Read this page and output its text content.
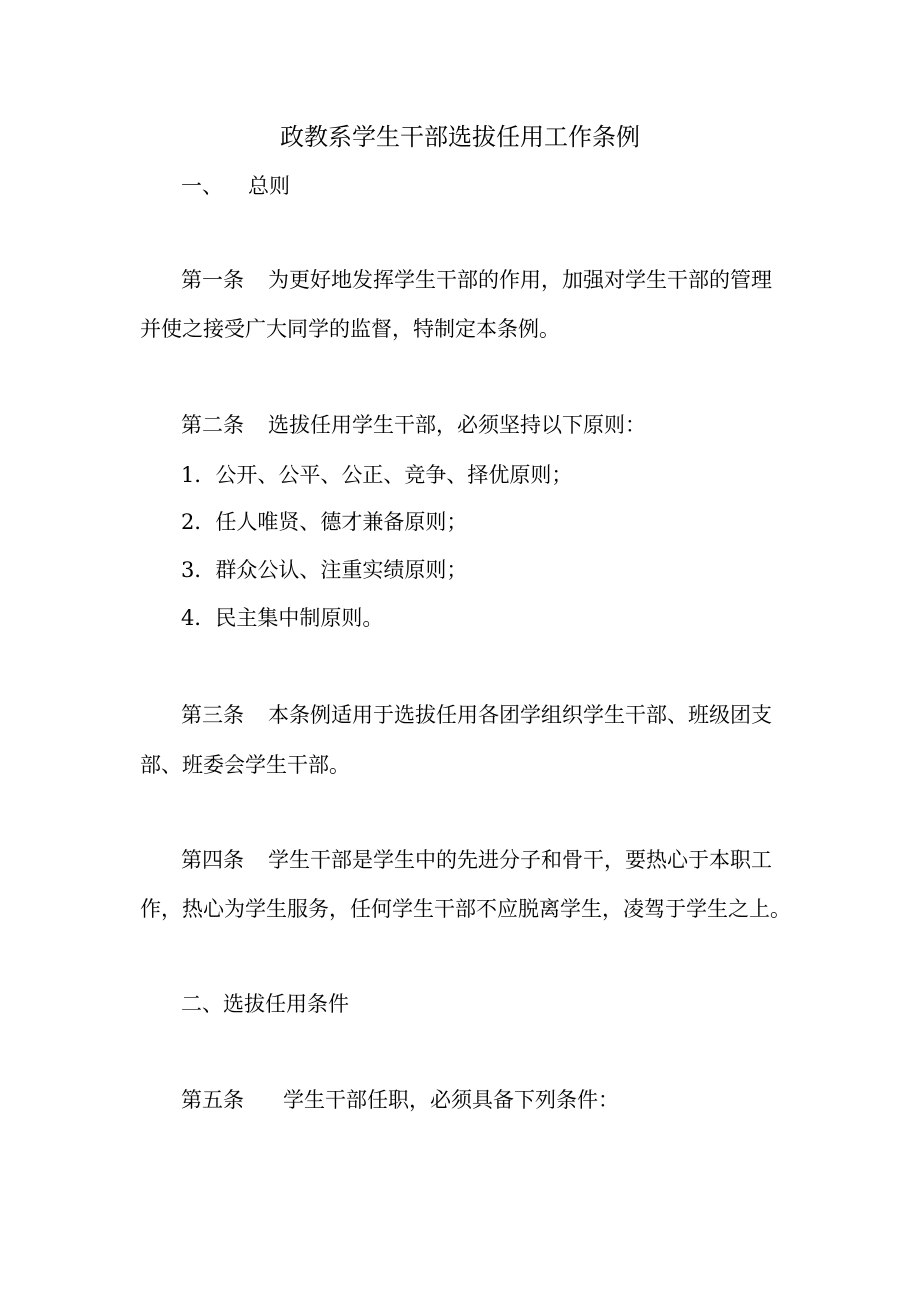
政教系学生干部选拔任用工作条例
一、 总则
第一条 为更好地发挥学生干部的作用，加强对学生干部的管理
并使之接受广大同学的监督，特制定本条例。
第二条 选拔任用学生干部，必须坚持以下原则：
1．公开、公平、公正、竞争、择优原则；
2．任人唯贤、德才兼备原则；
3．群众公认、注重实绩原则；
4．民主集中制原则。
第三条 本条例适用于选拔任用各团学组织学生干部、班级团支
部、班委会学生干部。
第四条 学生干部是学生中的先进分子和骨干，要热心于本职工
作，热心为学生服务，任何学生干部不应脱离学生，凌驾于学生之上。
二、选拔任用条件
第五条 学生干部任职，必须具备下列条件：
